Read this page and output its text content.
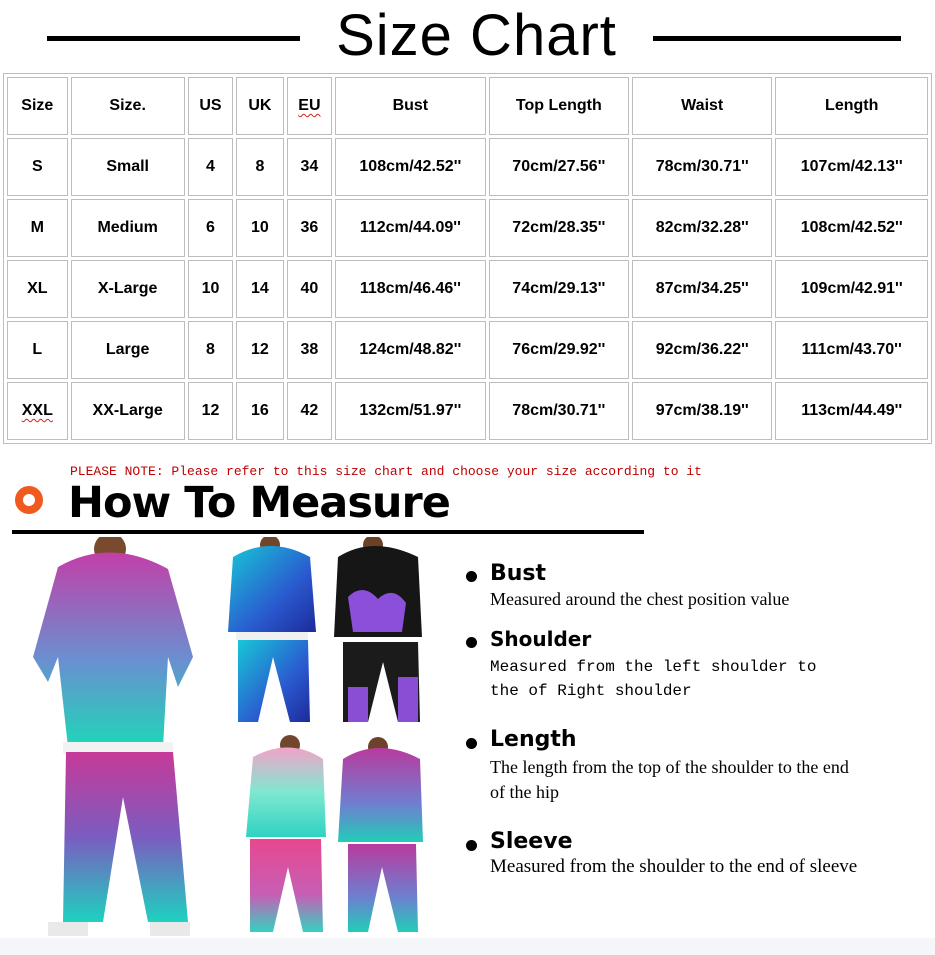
Size Chart
Size	Size.	US	UK	EU	Bust	Top Length	Waist	Length
S	Small	4	8	34	108cm/42.52''	70cm/27.56''	78cm/30.71''	107cm/42.13''
M	Medium	6	10	36	112cm/44.09''	72cm/28.35''	82cm/32.28''	108cm/42.52''
XL	X-Large	10	14	40	118cm/46.46''	74cm/29.13''	87cm/34.25''	109cm/42.91''
L	Large	8	12	38	124cm/48.82''	76cm/29.92''	92cm/36.22''	111cm/43.70''
XXL	XX-Large	12	16	42	132cm/51.97''	78cm/30.71''	97cm/38.19''	113cm/44.49''
PLEASE NOTE: Please refer to this size chart and choose your size according to it
How To Measure
Bust
Measured around the chest position value
Shoulder
Measured from the left shoulder to the of Right shoulder
Length
The length from the top of the shoulder to the end of the hip
Sleeve
Measured from the shoulder to the end of sleeve
